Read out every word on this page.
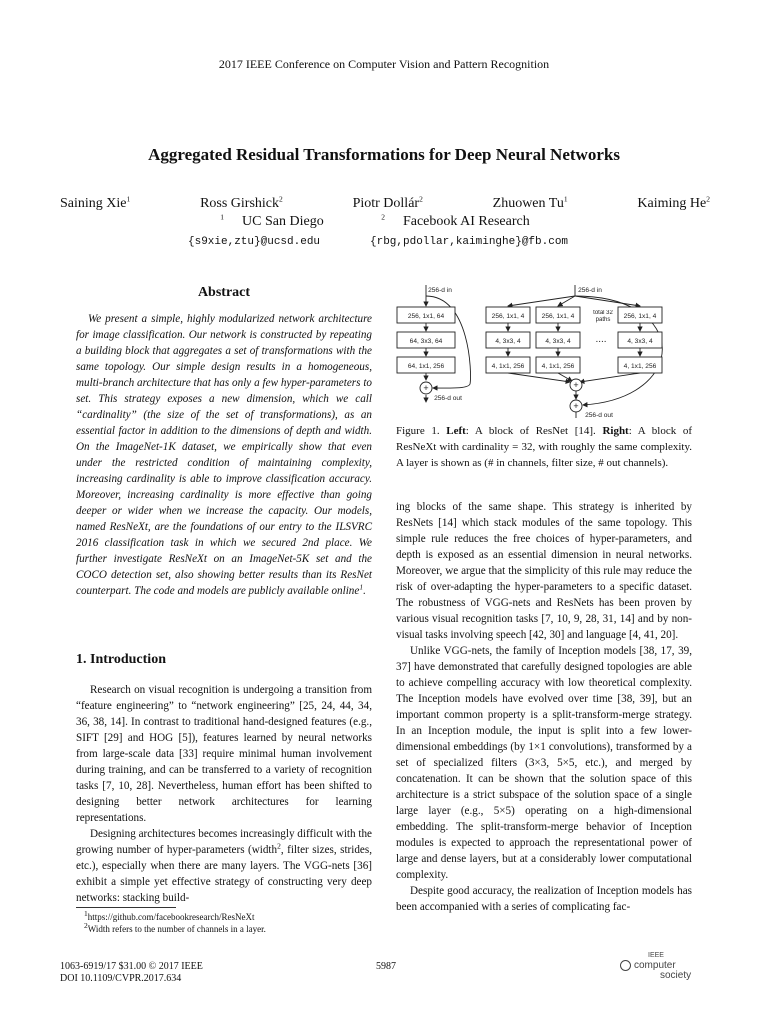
2017 IEEE Conference on Computer Vision and Pattern Recognition
Aggregated Residual Transformations for Deep Neural Networks
Saining Xie$^1$	Ross Girshick$^2$	Piotr Dollár$^2$	Zhuowen Tu$^1$	Kaiming He$^2$
$^1$ UC San Diego	$^2$ Facebook AI Research
{s9xie,ztu}@ucsd.edu	{rbg,pdollar,kaiminghe}@fb.com
Abstract

We present a simple, highly modularized network architecture for image classification. Our network is constructed by repeating a building block that aggregates a set of transformations with the same topology. Our simple design results in a homogeneous, multi-branch architecture that has only a few hyper-parameters to set. This strategy exposes a new dimension, which we call “cardinality” (the size of the set of transformations), as an essential factor in addition to the dimensions of depth and width. On the ImageNet-1K dataset, we empirically show that even under the restricted condition of maintaining complexity, increasing cardinality is able to improve classification accuracy. Moreover, increasing cardinality is more effective than going deeper or wider when we increase the capacity. Our models, named ResNeXt, are the foundations of our entry to the ILSVRC 2016 classification task in which we secured 2nd place. We further investigate ResNeXt on an ImageNet-5K set and the COCO detection set, also showing better results than its ResNet counterpart. The code and models are publicly available online$^1$.

256-d in
256, 1x1, 64
64, 3x3, 64
64, 1x1, 256
+
256-d out
256-d in
256, 1x1, 4
4, 3x3, 4
4, 1x1, 256
256, 1x1, 4
4, 3x3, 4
4, 1x1, 256
256, 1x1, 4
4, 3x3, 4
4, 1x1, 256
....
+
+
256-d out
total 32 paths
Figure 1. Left: A block of ResNet [14]. Right: A block of ResNeXt with cardinality = 32, with roughly the same complexity. A layer is shown as (# in channels, filter size, # out channels).
1. Introduction

Research on visual recognition is undergoing a transition from “feature engineering” to “network engineering” [25, 24, 44, 34, 36, 38, 14]. In contrast to traditional hand-designed features (e.g., SIFT [29] and HOG [5]), features learned by neural networks from large-scale data [33] require minimal human involvement during training, and can be transferred to a variety of recognition tasks [7, 10, 28]. Nevertheless, human effort has been shifted to designing better network architectures for learning representations.

Designing architectures becomes increasingly difficult with the growing number of hyper-parameters (width$^2$, filter sizes, strides, etc.), especially when there are many layers. The VGG-nets [36] exhibit a simple yet effective strategy of constructing very deep networks: stacking build-

ing blocks of the same shape. This strategy is inherited by ResNets [14] which stack modules of the same topology. This simple rule reduces the free choices of hyper-parameters, and depth is exposed as an essential dimension in neural networks. Moreover, we argue that the simplicity of this rule may reduce the risk of over-adapting the hyper-parameters to a specific dataset. The robustness of VGG-nets and ResNets has been proven by various visual recognition tasks [7, 10, 9, 28, 31, 14] and by non-visual tasks involving speech [42, 30] and language [4, 41, 20].

Unlike VGG-nets, the family of Inception models [38, 17, 39, 37] have demonstrated that carefully designed topologies are able to achieve compelling accuracy with low theoretical complexity. The Inception models have evolved over time [38, 39], but an important common property is a split-transform-merge strategy. In an Inception module, the input is split into a few lower-dimensional embeddings (by 1×1 convolutions), transformed by a set of specialized filters (3×3, 5×5, etc.), and merged by concatenation. It can be shown that the solution space of this architecture is a strict subspace of the solution space of a single large layer (e.g., 5×5) operating on a high-dimensional embedding. The split-transform-merge behavior of Inception modules is expected to approach the representational power of large and dense layers, but at a considerably lower computational complexity.

Despite good accuracy, the realization of Inception models has been accompanied with a series of complicating fac-

$^1$https://github.com/facebookresearch/ResNeXt
$^2$Width refers to the number of channels in a layer.
1063-6919/17 $31.00 © 2017 IEEE
DOI 10.1109/CVPR.2017.634
5987
IEEE
computer
society
